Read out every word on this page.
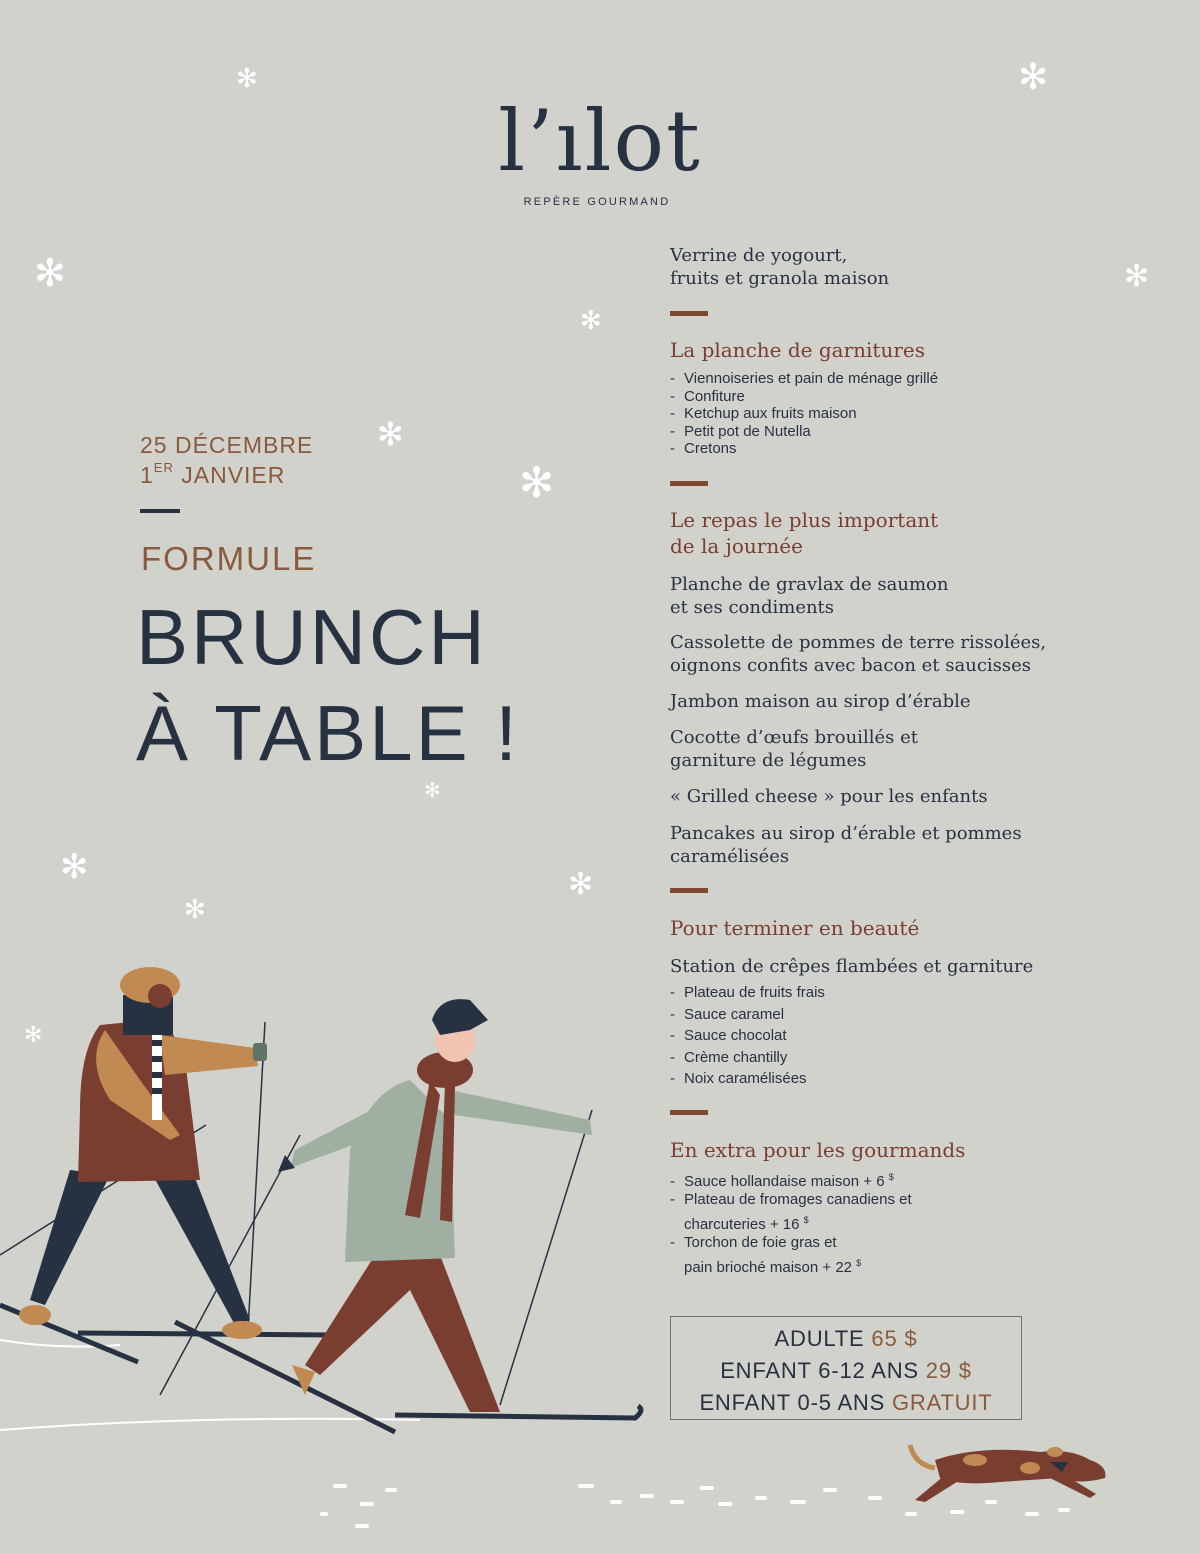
✻	✻
✻	✻
✻
✻
✻
✻
✻	✻
✻
✻
l’ılot
REPÈRE GOURMAND
25 DÉCEMBRE
1ER JANVIER
FORMULE
BRUNCH
À TABLE !
Verrine de yogourt,
fruits et granola maison
La planche de garnitures
- Viennoiseries et pain de ménage grillé
- Confiture
- Ketchup aux fruits maison
- Petit pot de Nutella
- Cretons
Le repas le plus important
de la journée
Planche de gravlax de saumon
et ses condiments
Cassolette de pommes de terre rissolées,
oignons confits avec bacon et saucisses
Jambon maison au sirop d’érable
Cocotte d’œufs brouillés et
garniture de légumes
« Grilled cheese » pour les enfants
Pancakes au sirop d’érable et pommes
caramélisées
Pour terminer en beauté
Station de crêpes flambées et garniture
- Plateau de fruits frais
- Sauce caramel
- Sauce chocolat
- Crème chantilly
- Noix caramélisées
En extra pour les gourmands
- Sauce hollandaise maison + 6 $
- Plateau de fromages canadiens et
charcuteries + 16 $
- Torchon de foie gras et
pain brioché maison + 22 $
ADULTE 65 $
ENFANT 6-12 ANS 29 $
ENFANT 0-5 ANS GRATUIT
